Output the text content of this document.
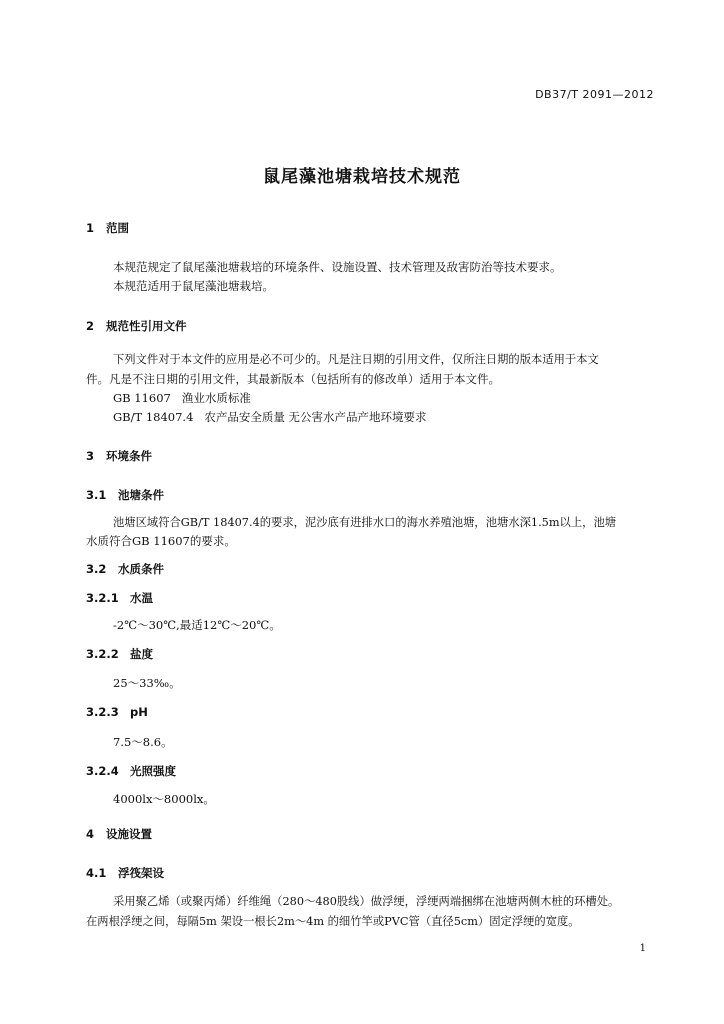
DB37/T 2091—2012
鼠尾藻池塘栽培技术规范
1 范围
本规范规定了鼠尾藻池塘栽培的环境条件、设施设置、技术管理及敌害防治等技术要求。
本规范适用于鼠尾藻池塘栽培。
2 规范性引用文件
下列文件对于本文件的应用是必不可少的。凡是注日期的引用文件，仅所注日期的版本适用于本文
件。凡是不注日期的引用文件，其最新版本（包括所有的修改单）适用于本文件。
GB 11607   渔业水质标准
GB/T 18407.4   农产品安全质量 无公害水产品产地环境要求
3 环境条件
3.1 池塘条件
池塘区域符合GB/T 18407.4的要求，泥沙底有进排水口的海水养殖池塘，池塘水深1.5m以上，池塘
水质符合GB 11607的要求。
3.2 水质条件
3.2.1 水温
-2℃～30℃,最适12℃～20℃。
3.2.2 盐度
25～33‰。
3.2.3 pH
7.5～8.6。
3.2.4 光照强度
4000lx～8000lx。
4 设施设置
4.1 浮筏架设
采用聚乙烯（或聚丙烯）纤维绳（280～480股线）做浮绠，浮绠两端捆绑在池塘两侧木桩的环槽处。
在两根浮绠之间，每隔5m 架设一根长2m～4m 的细竹竿或PVC管（直径5cm）固定浮绠的宽度。
1
